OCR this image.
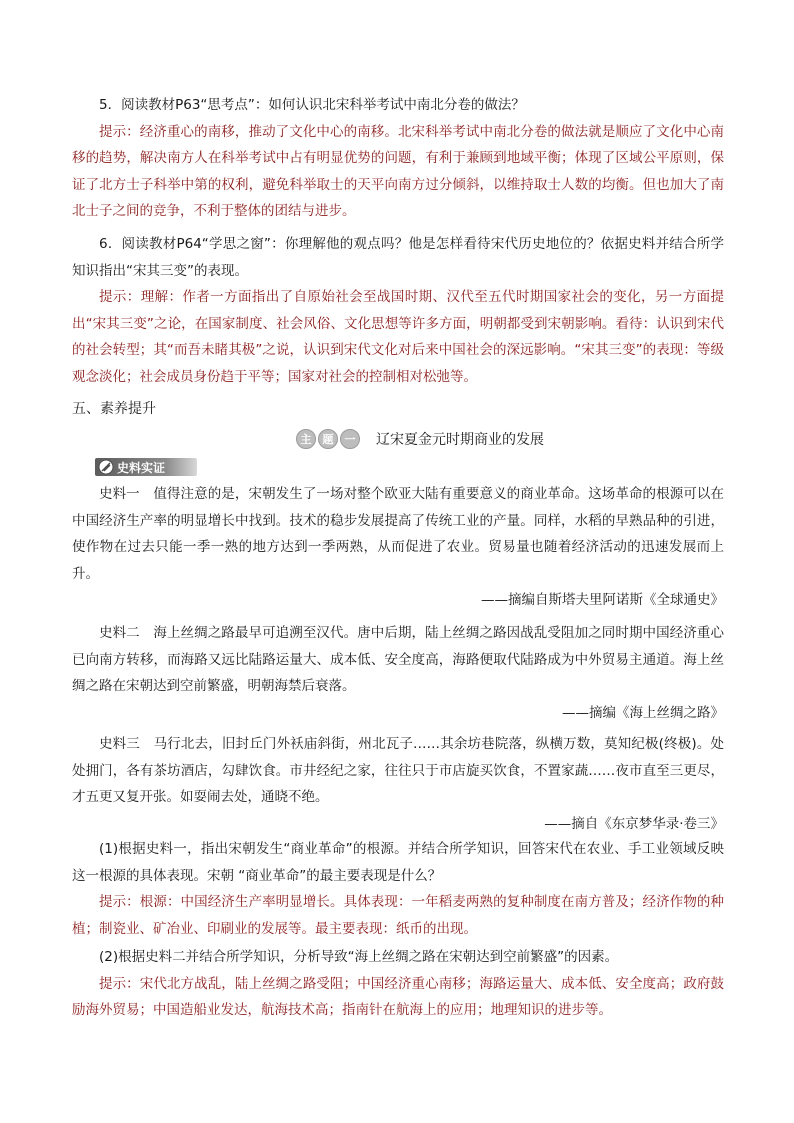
5．阅读教材P63“思考点”：如何认识北宋科举考试中南北分卷的做法？

提示：经济重心的南移，推动了文化中心的南移。北宋科举考试中南北分卷的做法就是顺应了文化中心南移的趋势，解决南方人在科举考试中占有明显优势的问题，有利于兼顾到地域平衡；体现了区域公平原则，保证了北方士子科举中第的权利，避免科举取士的天平向南方过分倾斜，以维持取士人数的均衡。但也加大了南北士子之间的竞争，不利于整体的团结与进步。

6．阅读教材P64“学思之窗”：你理解他的观点吗？他是怎样看待宋代历史地位的？依据史料并结合所学知识指出“宋其三变”的表现。

提示：理解：作者一方面指出了自原始社会至战国时期、汉代至五代时期国家社会的变化，另一方面提出“宋其三变”之论，在国家制度、社会风俗、文化思想等许多方面，明朝都受到宋朝影响。看待：认识到宋代的社会转型；其“而吾未睹其极”之说，认识到宋代文化对后来中国社会的深远影响。“宋其三变”的表现：等级观念淡化；社会成员身份趋于平等；国家对社会的控制相对松弛等。

五、素养提升
主	题	一	辽宋夏金元时期商业的发展
史料实证

史料一　值得注意的是，宋朝发生了一场对整个欧亚大陆有重要意义的商业革命。这场革命的根源可以在中国经济生产率的明显增长中找到。技术的稳步发展提高了传统工业的产量。同样，水稻的早熟品种的引进，使作物在过去只能一季一熟的地方达到一季两熟，从而促进了农业。贸易量也随着经济活动的迅速发展而上升。

——摘编自斯塔夫里阿诺斯《全球通史》

史料二　海上丝绸之路最早可追溯至汉代。唐中后期，陆上丝绸之路因战乱受阻加之同时期中国经济重心已向南方转移，而海路又远比陆路运量大、成本低、安全度高，海路便取代陆路成为中外贸易主通道。海上丝绸之路在宋朝达到空前繁盛，明朝海禁后衰落。

——摘编《海上丝绸之路》

史料三　马行北去，旧封丘门外袄庙斜街，州北瓦子……其余坊巷院落，纵横万数，莫知纪极(终极)。处处拥门，各有茶坊酒店，勾肆饮食。市井经纪之家，往往只于市店旋买饮食，不置家蔬……夜市直至三更尽，才五更又复开张。如耍闹去处，通晓不绝。

——摘自《东京梦华录·卷三》

(1)根据史料一，指出宋朝发生“商业革命”的根源。并结合所学知识，回答宋代在农业、手工业领域反映这一根源的具体表现。宋朝 “商业革命”的最主要表现是什么？

提示：根源：中国经济生产率明显增长。具体表现：一年稻麦两熟的复种制度在南方普及；经济作物的种植；制瓷业、矿冶业、印刷业的发展等。最主要表现：纸币的出现。

(2)根据史料二并结合所学知识，分析导致“海上丝绸之路在宋朝达到空前繁盛”的因素。

提示：宋代北方战乱，陆上丝绸之路受阻；中国经济重心南移；海路运量大、成本低、安全度高；政府鼓励海外贸易；中国造船业发达，航海技术高；指南针在航海上的应用；地理知识的进步等。
